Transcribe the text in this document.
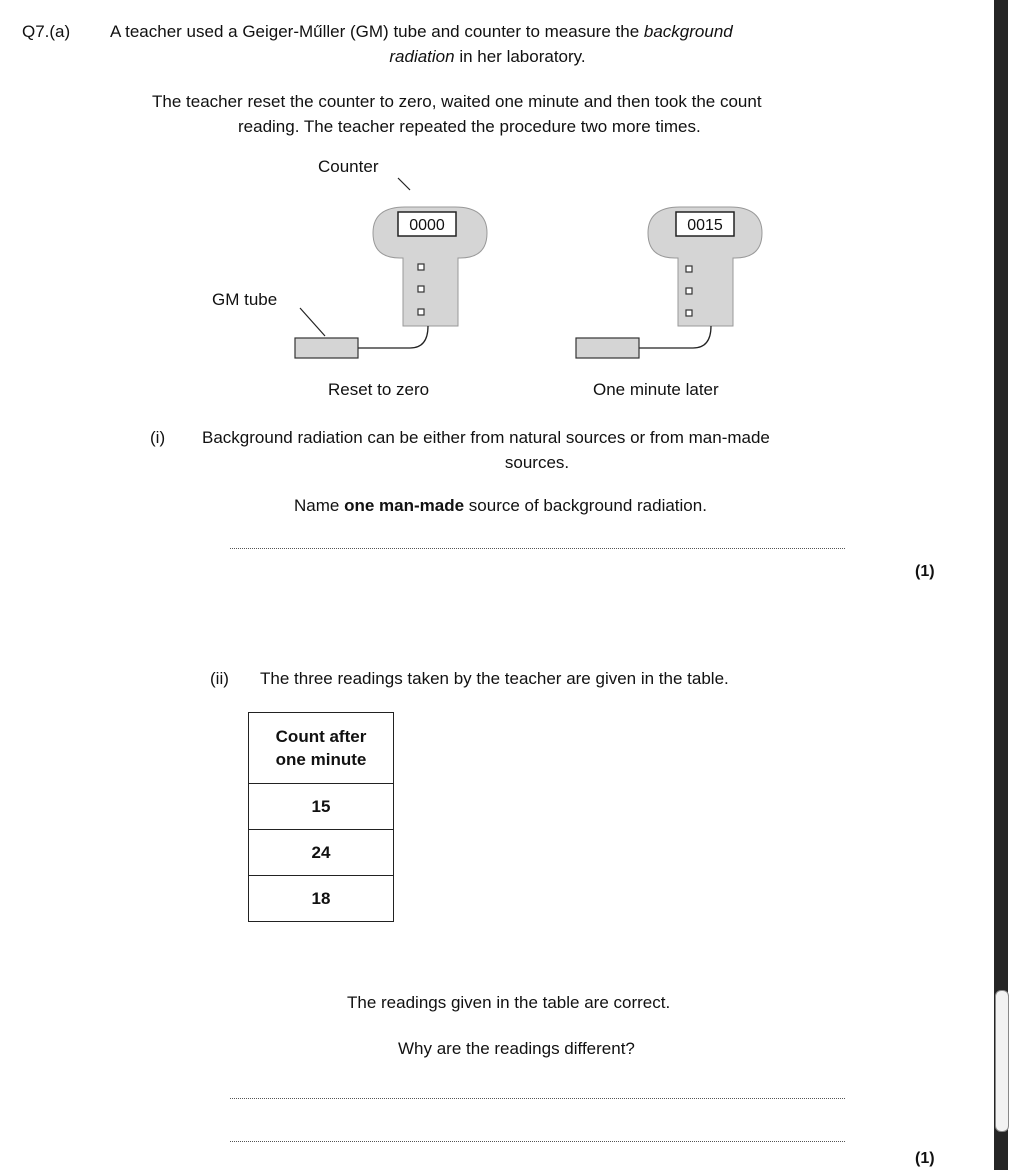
Q7.(a) A teacher used a Geiger-Műller (GM) tube and counter to measure the background
radiation in her laboratory.
The teacher reset the counter to zero, waited one minute and then took the count
reading. The teacher repeated the procedure two more times.
0000	0015
Counter
GM tube
Reset to zero	One minute later
(i) Background radiation can be either from natural sources or from man-made
sources.
Name one man-made source of background radiation.
(1)
(ii) The three readings taken by the teacher are given in the table.
Count after
one minute
15
24
18
The readings given in the table are correct.
Why are the readings different?
(1)
